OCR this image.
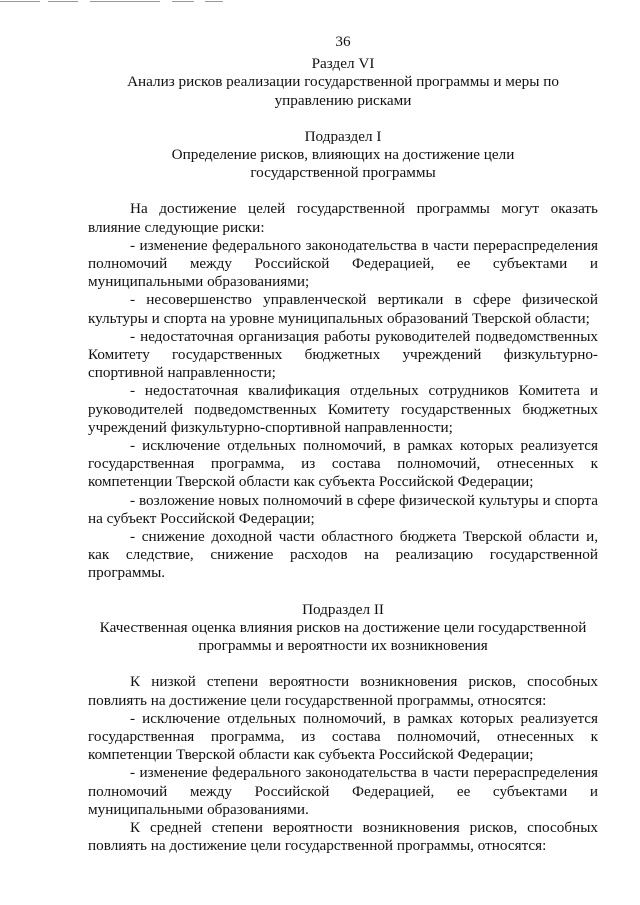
36
Раздел VI
Анализ рисков реализации государственной программы и меры по управлению рисками
Подраздел I
Определение рисков, влияющих на достижение цели государственной программы

На достижение целей государственной программы могут оказать влияние следующие риски:

- изменение федерального законодательства в части перераспределения полномочий между Российской Федерацией, ее субъектами и муниципальными образованиями;

- несовершенство управленческой вертикали в сфере физической культуры и спорта на уровне муниципальных образований Тверской области;

- недостаточная организация работы руководителей подведомственных Комитету государственных бюджетных учреждений физкультурно-спортивной направленности;

- недостаточная квалификация отдельных сотрудников Комитета и руководителей подведомственных Комитету государственных бюджетных учреждений физкультурно-спортивной направленности;

- исключение отдельных полномочий, в рамках которых реализуется государственная программа, из состава полномочий, отнесенных к компетенции Тверской области как субъекта Российской Федерации;

- возложение новых полномочий в сфере физической культуры и спорта на субъект Российской Федерации;

- снижение доходной части областного бюджета Тверской области и, как следствие, снижение расходов на реализацию государственной программы.

Подраздел II
Качественная оценка влияния рисков на достижение цели государственной программы и вероятности их возникновения

К низкой степени вероятности возникновения рисков, способных повлиять на достижение цели государственной программы, относятся:

- исключение отдельных полномочий, в рамках которых реализуется государственная программа, из состава полномочий, отнесенных к компетенции Тверской области как субъекта Российской Федерации;

- изменение федерального законодательства в части перераспределения полномочий между Российской Федерацией, ее субъектами и муниципальными образованиями.

К средней степени вероятности возникновения рисков, способных повлиять на достижение цели государственной программы, относятся:
